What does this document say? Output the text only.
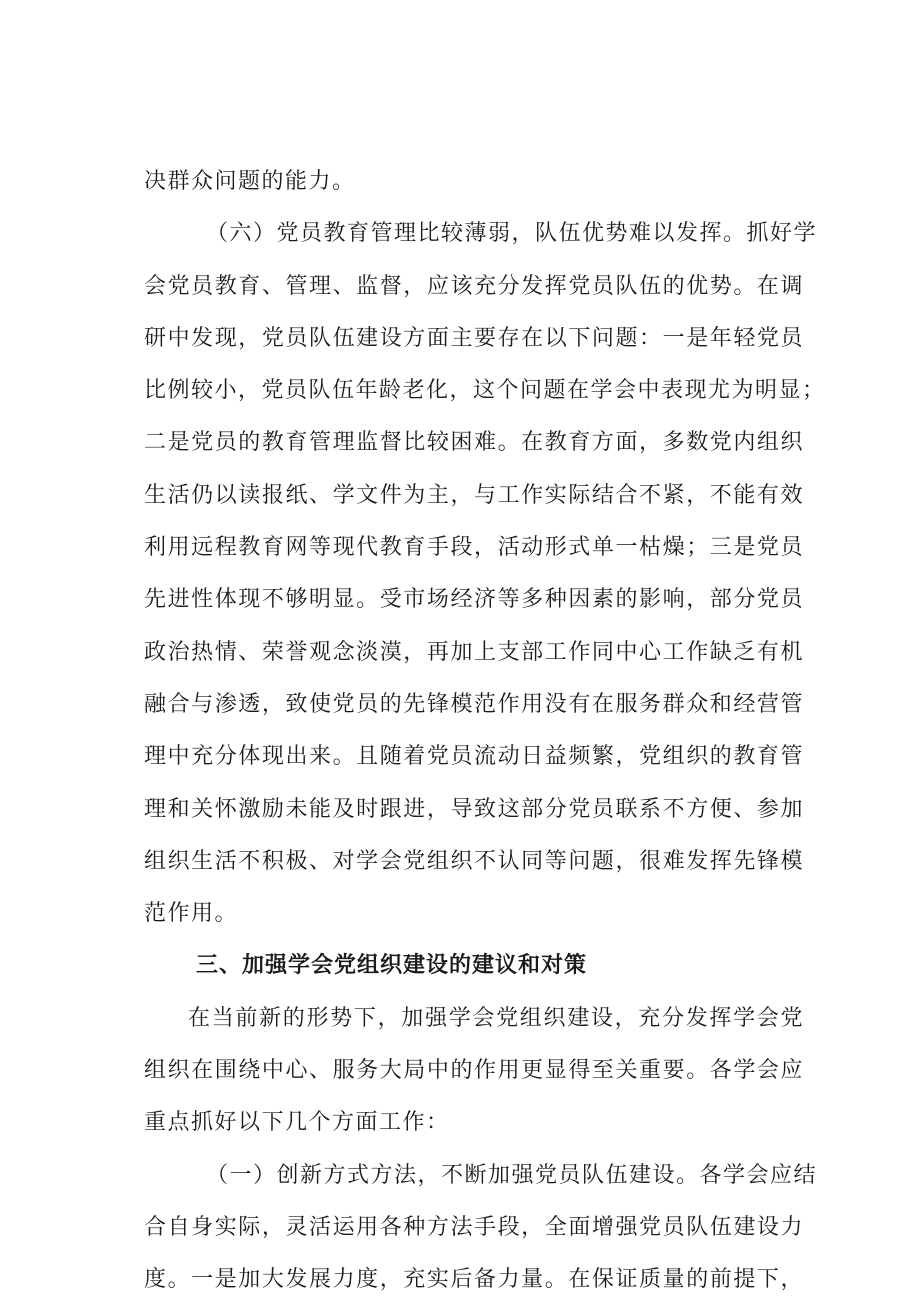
决群众问题的能力。
（六）党员教育管理比较薄弱，队伍优势难以发挥。抓好学
会党员教育、管理、监督，应该充分发挥党员队伍的优势。在调
研中发现，党员队伍建设方面主要存在以下问题：一是年轻党员
比例较小，党员队伍年龄老化，这个问题在学会中表现尤为明显；
二是党员的教育管理监督比较困难。在教育方面，多数党内组织
生活仍以读报纸、学文件为主，与工作实际结合不紧，不能有效
利用远程教育网等现代教育手段，活动形式单一枯燥；三是党员
先进性体现不够明显。受市场经济等多种因素的影响，部分党员
政治热情、荣誉观念淡漠，再加上支部工作同中心工作缺乏有机
融合与渗透，致使党员的先锋模范作用没有在服务群众和经营管
理中充分体现出来。且随着党员流动日益频繁，党组织的教育管
理和关怀激励未能及时跟进，导致这部分党员联系不方便、参加
组织生活不积极、对学会党组织不认同等问题，很难发挥先锋模
范作用。
三、加强学会党组织建设的建议和对策
在当前新的形势下，加强学会党组织建设，充分发挥学会党
组织在围绕中心、服务大局中的作用更显得至关重要。各学会应
重点抓好以下几个方面工作：
（一）创新方式方法，不断加强党员队伍建设。各学会应结
合自身实际，灵活运用各种方法手段，全面增强党员队伍建设力
度。一是加大发展力度，充实后备力量。在保证质量的前提下，
